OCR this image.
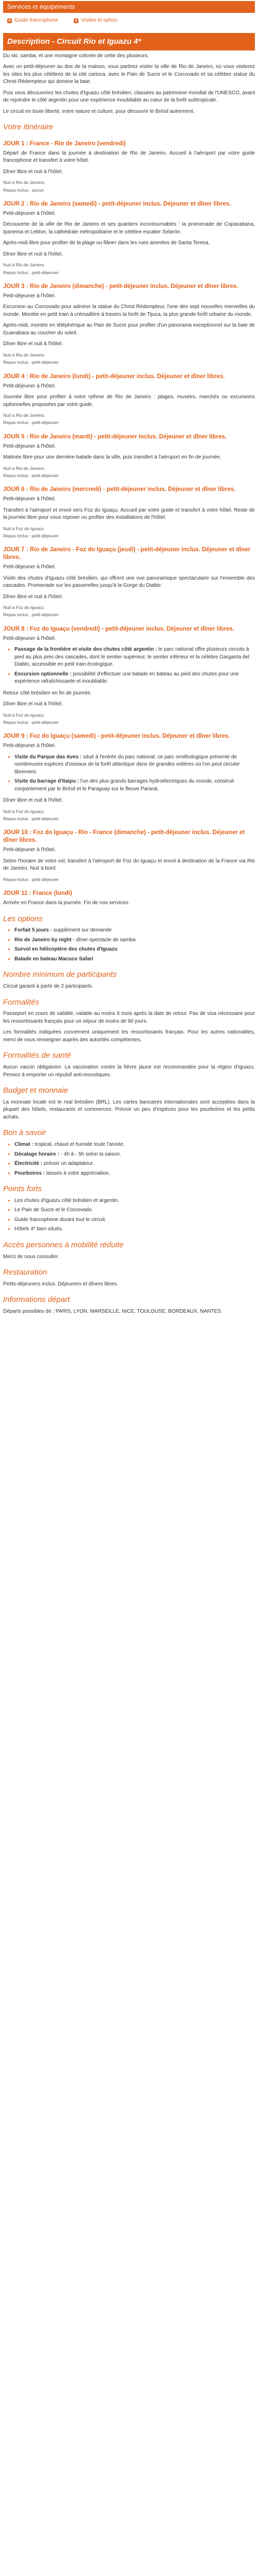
Services et équipements
■ Guide francophone	■ Visites et option
Description - Circuit Rio et Iguazu 4*

Du ski, samba, et une montagne colorée de cette des plusieurs.

Avec un petit-déjeuner au dos de la maison, vous partirez visiter la ville de Rio de Janeiro, où vous visiterez les sites les plus célèbres de la cité carioca, avec le Pain de Sucre et le Corcovado et sa célèbre statue du Christ Rédempteur qui domine la baie.

Puis vous découvrirez les chutes d'Iguazu côté brésilien, classées au patrimoine mondial de l'UNESCO, avant de rejoindre le côté argentin pour une expérience inoubliable au cœur de la forêt subtropicale.

Le circuit en toute liberté, entre nature et culture, pour découvrir le Brésil autrement.

Votre itinéraire
JOUR 1 : France - Rio de Janeiro (vendredi)

Départ de France dans la journée à destination de Rio de Janeiro. Accueil à l'aéroport par votre guide francophone et transfert à votre hôtel.

Dîner libre et nuit à l'hôtel.

Nuit à Rio de Janeiro.

Repas inclus : aucun

JOUR 2 : Rio de Janeiro (samedi) - petit-déjeuner inclus. Déjeuner et dîner libres.

Petit-déjeuner à l'hôtel.

Découverte de la ville de Rio de Janeiro et ses quartiers incontournables : la promenade de Copacabana, Ipanema et Leblon, la cathédrale métropolitaine et le célèbre escalier Selarón.

Après-midi libre pour profiter de la plage ou flâner dans les rues animées de Santa Teresa.

Dîner libre et nuit à l'hôtel.

Nuit à Rio de Janeiro.

Repas inclus : petit-déjeuner

JOUR 3 : Rio de Janeiro (dimanche) - petit-déjeuner inclus. Déjeuner et dîner libres.

Petit-déjeuner à l'hôtel.

Excursion au Corcovado pour admirer la statue du Christ Rédempteur, l'une des sept nouvelles merveilles du monde. Montée en petit train à crémaillère à travers la forêt de Tijuca, la plus grande forêt urbaine du monde.

Après-midi, montée en téléphérique au Pain de Sucre pour profiter d'un panorama exceptionnel sur la baie de Guanabara au coucher du soleil.

Dîner libre et nuit à l'hôtel.

Nuit à Rio de Janeiro.

Repas inclus : petit-déjeuner

JOUR 4 : Rio de Janeiro (lundi) - petit-déjeuner inclus. Déjeuner et dîner libres.

Petit-déjeuner à l'hôtel.

Journée libre pour profiter à votre rythme de Rio de Janeiro : plages, musées, marchés ou excursions optionnelles proposées par votre guide.

Nuit à Rio de Janeiro.

Repas inclus : petit-déjeuner

JOUR 5 : Rio de Janeiro (mardi) - petit-déjeuner inclus. Déjeuner et dîner libres.

Petit-déjeuner à l'hôtel.

Matinée libre pour une dernière balade dans la ville, puis transfert à l'aéroport en fin de journée.

Nuit à Rio de Janeiro.

Repas inclus : petit-déjeuner

JOUR 6 : Rio de Janeiro (mercredi) - petit-déjeuner inclus. Déjeuner et dîner libres.

Petit-déjeuner à l'hôtel.

Transfert à l'aéroport et envol vers Foz do Iguaçu. Accueil par votre guide et transfert à votre hôtel. Reste de la journée libre pour vous reposer ou profiter des installations de l'hôtel.

Nuit à Foz do Iguaçu.

Repas inclus : petit-déjeuner

JOUR 7 : Rio de Janeiro - Foz do Iguaçu (jeudi) - petit-déjeuner inclus. Déjeuner et dîner libres.

Petit-déjeuner à l'hôtel.

Visite des chutes d'Iguazu côté brésilien, qui offrent une vue panoramique spectaculaire sur l'ensemble des cascades. Promenade sur les passerelles jusqu'à la Gorge du Diable.

Dîner libre et nuit à l'hôtel.

Nuit à Foz do Iguaçu.

Repas inclus : petit-déjeuner

JOUR 8 : Foz do Iguaçu (vendredi) - petit-déjeuner inclus. Déjeuner et dîner libres.

Petit-déjeuner à l'hôtel.

• Passage de la frontière et visite des chutes côté argentin : le parc national offre plusieurs circuits à pied au plus près des cascades, dont le sentier supérieur, le sentier inférieur et la célèbre Garganta del Diablo, accessible en petit train écologique.
• Excursion optionnelle : possibilité d'effectuer une balade en bateau au pied des chutes pour une expérience rafraîchissante et inoubliable.

Retour côté brésilien en fin de journée.

Dîner libre et nuit à l'hôtel.

Nuit à Foz do Iguaçu.

Repas inclus : petit-déjeuner

JOUR 9 : Foz do Iguaçu (samedi) - petit-déjeuner inclus. Déjeuner et dîner libres.

Petit-déjeuner à l'hôtel.

• Visite du Parque das Aves : situé à l'entrée du parc national, ce parc ornithologique présente de nombreuses espèces d'oiseaux de la forêt atlantique dans de grandes volières où l'on peut circuler librement.
• Visite du barrage d'Itaipu : l'un des plus grands barrages hydroélectriques du monde, construit conjointement par le Brésil et le Paraguay sur le fleuve Paraná.

Dîner libre et nuit à l'hôtel.

Nuit à Foz do Iguaçu.

Repas inclus : petit-déjeuner

JOUR 10 : Foz do Iguaçu - Rio - France (dimanche) - petit-déjeuner inclus. Déjeuner et dîner libres.

Petit-déjeuner à l'hôtel.

Selon l'horaire de votre vol, transfert à l'aéroport de Foz do Iguaçu et envol à destination de la France via Rio de Janeiro. Nuit à bord.

Repas inclus : petit-déjeuner

JOUR 11 : France (lundi)

Arrivée en France dans la journée. Fin de nos services.

Les options
• Forfait 5 jours - supplément sur demande
• Rio de Janeiro by night - dîner-spectacle de samba
• Survol en hélicoptère des chutes d'Iguazu
• Balade en bateau Macuco Safari
Nombre minimum de participants

Circuit garanti à partir de 2 participants.

Formalités

Passeport en cours de validité, valable au moins 6 mois après la date de retour. Pas de visa nécessaire pour les ressortissants français pour un séjour de moins de 90 jours.

Les formalités indiquées concernent uniquement les ressortissants français. Pour les autres nationalités, merci de vous renseigner auprès des autorités compétentes.

Formalités de santé

Aucun vaccin obligatoire. La vaccination contre la fièvre jaune est recommandée pour la région d'Iguazu. Pensez à emporter un répulsif anti-moustiques.

Budget et monnaie

La monnaie locale est le real brésilien (BRL). Les cartes bancaires internationales sont acceptées dans la plupart des hôtels, restaurants et commerces. Prévoir un peu d'espèces pour les pourboires et les petits achats.

Bon à savoir
• Climat : tropical, chaud et humide toute l'année.
• Décalage horaire : - 4h à - 5h selon la saison.
• Électricité : prévoir un adaptateur.
• Pourboires : laissés à votre appréciation.
Points forts
• Les chutes d'Iguazu côté brésilien et argentin.
• Le Pain de Sucre et le Corcovado.
• Guide francophone durant tout le circuit.
• Hôtels 4* bien situés.
Accès personnes à mobilité réduite

Merci de nous consulter.

Restauration

Petits-déjeuners inclus. Déjeuners et dîners libres.

Informations départ

Départs possibles de : PARIS, LYON, MARSEILLE, NICE, TOULOUSE, BORDEAUX, NANTES.
